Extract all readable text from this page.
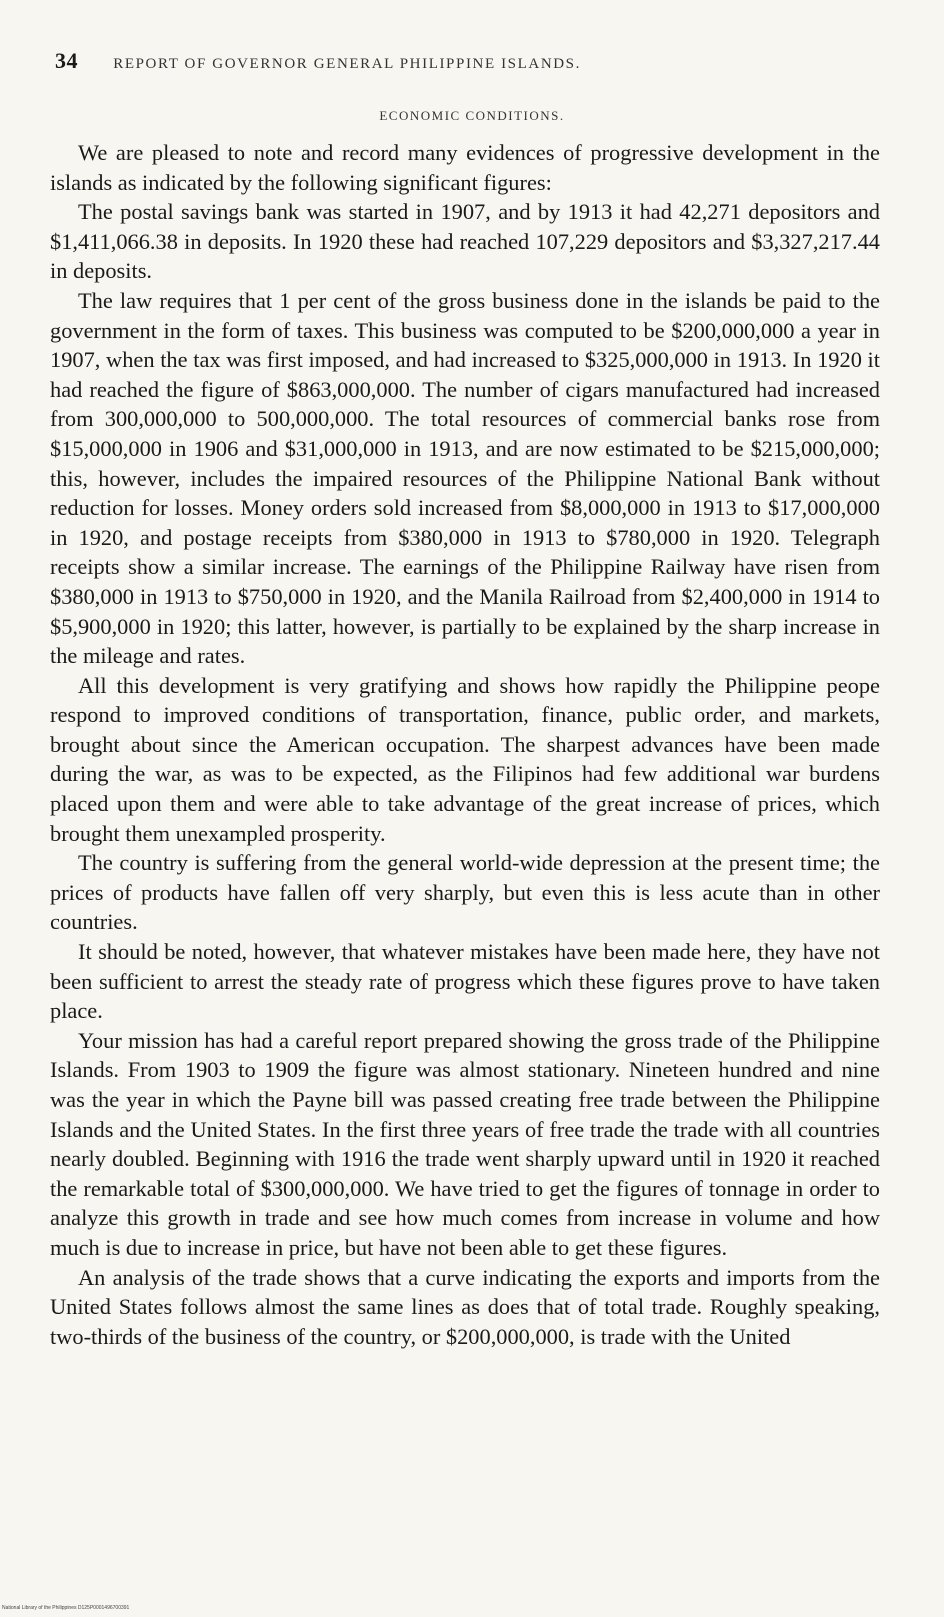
34 REPORT OF GOVERNOR GENERAL PHILIPPINE ISLANDS.
ECONOMIC CONDITIONS.

We are pleased to note and record many evidences of progressive development in the islands as indicated by the following significant figures:

The postal savings bank was started in 1907, and by 1913 it had 42,271 depositors and $1,411,066.38 in deposits. In 1920 these had reached 107,229 depositors and $3,327,217.44 in deposits.

The law requires that 1 per cent of the gross business done in the islands be paid to the government in the form of taxes. This business was computed to be $200,000,000 a year in 1907, when the tax was first imposed, and had increased to $325,000,000 in 1913. In 1920 it had reached the figure of $863,000,000. The number of cigars manufactured had increased from 300,000,000 to 500,000,000. The total resources of commercial banks rose from $15,000,000 in 1906 and $31,000,000 in 1913, and are now estimated to be $215,000,000; this, however, includes the impaired resources of the Philippine National Bank without reduction for losses. Money orders sold increased from $8,000,000 in 1913 to $17,000,000 in 1920, and postage receipts from $380,000 in 1913 to $780,000 in 1920. Telegraph receipts show a similar increase. The earnings of the Philippine Railway have risen from $380,000 in 1913 to $750,000 in 1920, and the Manila Railroad from $2,400,000 in 1914 to $5,900,000 in 1920; this latter, however, is partially to be explained by the sharp increase in the mileage and rates.

All this development is very gratifying and shows how rapidly the Philippine peope respond to improved conditions of transportation, finance, public order, and markets, brought about since the American occupation. The sharpest advances have been made during the war, as was to be expected, as the Filipinos had few additional war burdens placed upon them and were able to take advantage of the great increase of prices, which brought them unexampled prosperity.

The country is suffering from the general world-wide depression at the present time; the prices of products have fallen off very sharply, but even this is less acute than in other countries.

It should be noted, however, that whatever mistakes have been made here, they have not been sufficient to arrest the steady rate of progress which these figures prove to have taken place.

Your mission has had a careful report prepared showing the gross trade of the Philippine Islands. From 1903 to 1909 the figure was almost stationary. Nineteen hundred and nine was the year in which the Payne bill was passed creating free trade between the Philippine Islands and the United States. In the first three years of free trade the trade with all countries nearly doubled. Beginning with 1916 the trade went sharply upward until in 1920 it reached the remarkable total of $300,000,000. We have tried to get the figures of tonnage in order to analyze this growth in trade and see how much comes from increase in volume and how much is due to increase in price, but have not been able to get these figures.

An analysis of the trade shows that a curve indicating the exports and imports from the United States follows almost the same lines as does that of total trade. Roughly speaking, two-thirds of the business of the country, or $200,000,000, is trade with the United

National Library of the Philippines D125P0001496700391
